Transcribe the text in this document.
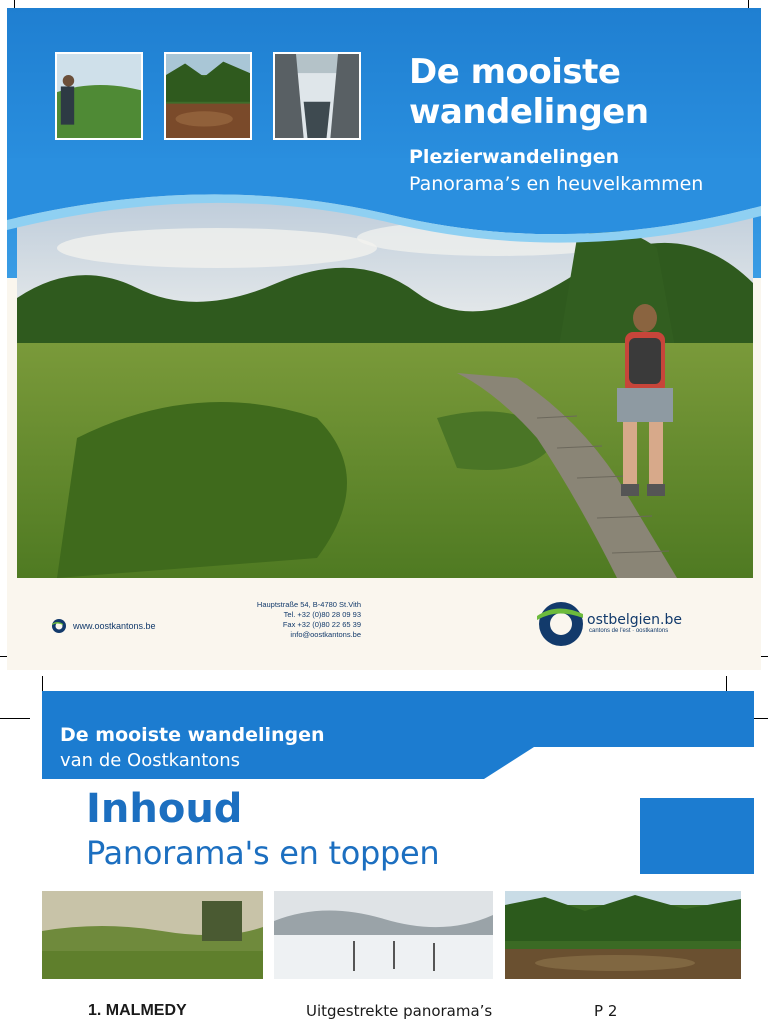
De mooiste
wandelingen
Plezierwandelingen
Panorama’s en heuvelkammen
www.oostkantons.be
Hauptstraße 54, B-4780 St.Vith
Tel. +32 (0)80 28 09 93
Fax +32 (0)80 22 65 39
info@oostkantons.be
ostbelgien.be
cantons de l'est · oostkantons
De mooiste wandelingen
van de Oostkantons
Inhoud
Panorama's en toppen
1. MALMEDY	Uitgestrekte panorama’s	P 2
